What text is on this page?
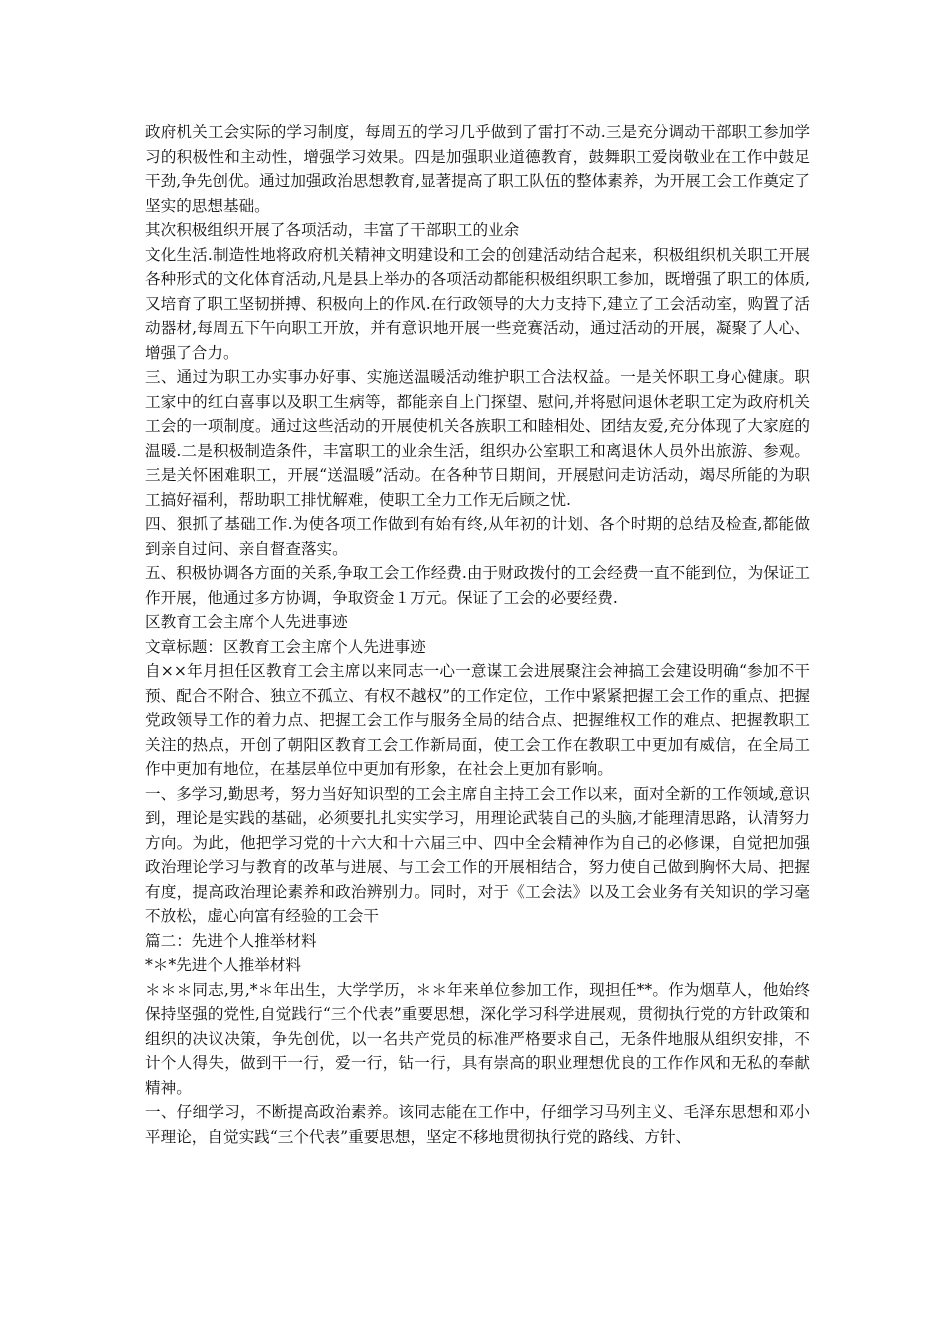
政府机关工会实际的学习制度，每周五的学习几乎做到了雷打不动.三是充分调动干部职工参加学习的积极性和主动性，增强学习效果。四是加强职业道德教育，鼓舞职工爱岗敬业在工作中鼓足干劲,争先创优。通过加强政治思想教育,显著提高了职工队伍的整体素养，为开展工会工作奠定了坚实的思想基础。

其次积极组织开展了各项活动，丰富了干部职工的业余

文化生活.制造性地将政府机关精神文明建设和工会的创建活动结合起来，积极组织机关职工开展各种形式的文化体育活动,凡是县上举办的各项活动都能积极组织职工参加，既增强了职工的体质,又培育了职工坚韧拼搏、积极向上的作风.在行政领导的大力支持下,建立了工会活动室，购置了活动器材,每周五下午向职工开放，并有意识地开展一些竞赛活动，通过活动的开展，凝聚了人心、增强了合力。

三、通过为职工办实事办好事、实施送温暖活动维护职工合法权益。一是关怀职工身心健康。职工家中的红白喜事以及职工生病等，都能亲自上门探望、慰问,并将慰问退休老职工定为政府机关工会的一项制度。通过这些活动的开展使机关各族职工和睦相处、团结友爱,充分体现了大家庭的温暖.二是积极制造条件，丰富职工的业余生活，组织办公室职工和离退休人员外出旅游、参观。三是关怀困难职工，开展“送温暖”活动。在各种节日期间，开展慰问走访活动，竭尽所能的为职工搞好福利，帮助职工排忧解难，使职工全力工作无后顾之忧.

四、狠抓了基础工作.为使各项工作做到有始有终,从年初的计划、各个时期的总结及检查,都能做到亲自过问、亲自督查落实。

五、积极协调各方面的关系,争取工会工作经费.由于财政拨付的工会经费一直不能到位，为保证工作开展，他通过多方协调，争取资金１万元。保证了工会的必要经费.

区教育工会主席个人先进事迹

文章标题：区教育工会主席个人先进事迹

自××年月担任区教育工会主席以来同志一心一意谋工会进展聚注会神搞工会建设明确“参加不干预、配合不附合、独立不孤立、有权不越权”的工作定位，工作中紧紧把握工会工作的重点、把握党政领导工作的着力点、把握工会工作与服务全局的结合点、把握维权工作的难点、把握教职工关注的热点，开创了朝阳区教育工会工作新局面，使工会工作在教职工中更加有威信，在全局工作中更加有地位，在基层单位中更加有形象，在社会上更加有影响。

一、多学习,勤思考，努力当好知识型的工会主席自主持工会工作以来，面对全新的工作领域,意识到，理论是实践的基础，必须要扎扎实实学习，用理论武装自己的头脑,才能理清思路，认清努力方向。为此，他把学习党的十六大和十六届三中、四中全会精神作为自己的必修课，自觉把加强政治理论学习与教育的改革与进展、与工会工作的开展相结合，努力使自己做到胸怀大局、把握有度，提高政治理论素养和政治辨别力。同时，对于《工会法》以及工会业务有关知识的学习毫不放松，虚心向富有经验的工会干

篇二：先进个人推举材料

*＊*先进个人推举材料

＊＊＊同志,男,*＊年出生，大学学历，＊＊年来单位参加工作，现担任**。作为烟草人，他始终保持坚强的党性,自觉践行“三个代表”重要思想，深化学习科学进展观，贯彻执行党的方针政策和组织的决议决策，争先创优，以一名共产党员的标准严格要求自己，无条件地服从组织安排，不计个人得失，做到干一行，爱一行，钻一行，具有崇高的职业理想优良的工作作风和无私的奉献精神。

一、仔细学习，不断提高政治素养。该同志能在工作中，仔细学习马列主义、毛泽东思想和邓小平理论，自觉实践“三个代表”重要思想，坚定不移地贯彻执行党的路线、方针、
